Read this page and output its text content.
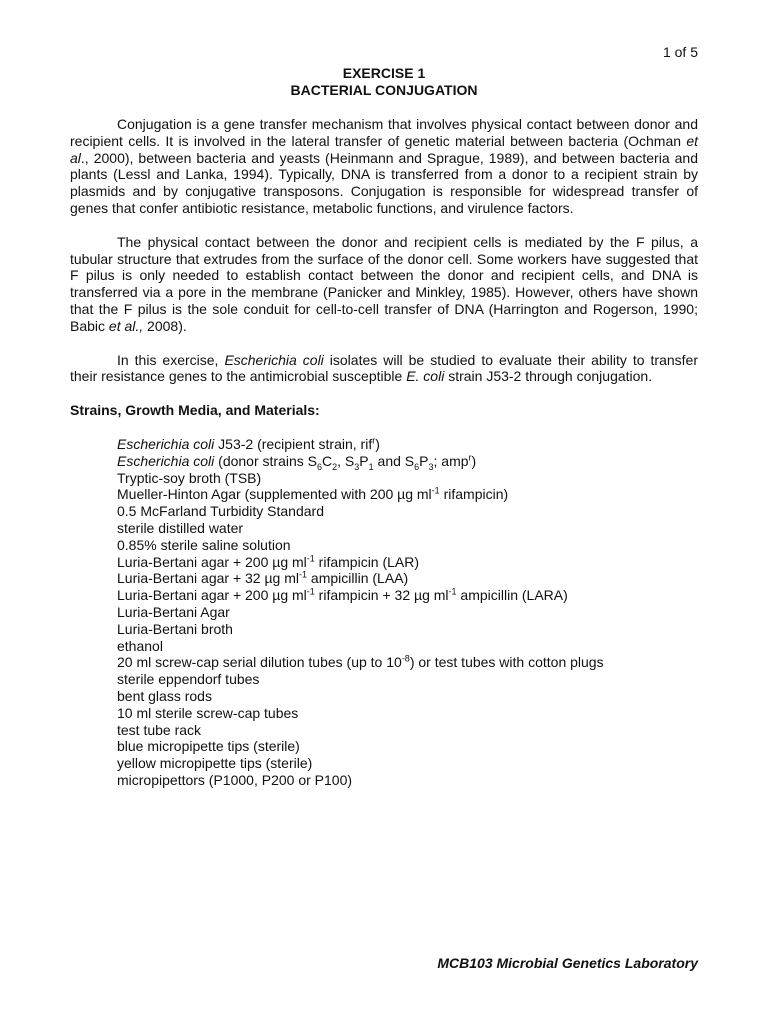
1 of 5
EXERCISE 1
BACTERIAL CONJUGATION

Conjugation is a gene transfer mechanism that involves physical contact between donor and recipient cells. It is involved in the lateral transfer of genetic material between bacteria (Ochman et al., 2000), between bacteria and yeasts (Heinmann and Sprague, 1989), and between bacteria and plants (Lessl and Lanka, 1994). Typically, DNA is transferred from a donor to a recipient strain by plasmids and by conjugative transposons. Conjugation is responsible for widespread transfer of genes that confer antibiotic resistance, metabolic functions, and virulence factors.

The physical contact between the donor and recipient cells is mediated by the F pilus, a tubular structure that extrudes from the surface of the donor cell. Some workers have suggested that F pilus is only needed to establish contact between the donor and recipient cells, and DNA is transferred via a pore in the membrane (Panicker and Minkley, 1985). However, others have shown that the F pilus is the sole conduit for cell-to-cell transfer of DNA (Harrington and Rogerson, 1990; Babic et al., 2008).

In this exercise, Escherichia coli isolates will be studied to evaluate their ability to transfer their resistance genes to the antimicrobial susceptible E. coli strain J53-2 through conjugation.

Strains, Growth Media, and Materials:
Escherichia coli J53-2 (recipient strain, rif$^r$)
Escherichia coli (donor strains $S_6C_2$, $S_3P_1$ and $S_6P_3$; amp$^r$)
Tryptic-soy broth (TSB)
Mueller-Hinton Agar (supplemented with 200 µg $ml^{-1}$ rifampicin)
0.5 McFarland Turbidity Standard
sterile distilled water
0.85% sterile saline solution
Luria-Bertani agar + 200 µg $ml^{-1}$ rifampicin (LAR)
Luria-Bertani agar + 32 µg $ml^{-1}$ ampicillin (LAA)
Luria-Bertani agar + 200 µg $ml^{-1}$ rifampicin + 32 µg $ml^{-1}$ ampicillin (LARA)
Luria-Bertani Agar
Luria-Bertani broth
ethanol
20 ml screw-cap serial dilution tubes (up to $10^{-8}$) or test tubes with cotton plugs
sterile eppendorf tubes
bent glass rods
10 ml sterile screw-cap tubes
test tube rack
blue micropipette tips (sterile)
yellow micropipette tips (sterile)
micropipettors (P1000, P200 or P100)
MCB103 Microbial Genetics Laboratory
